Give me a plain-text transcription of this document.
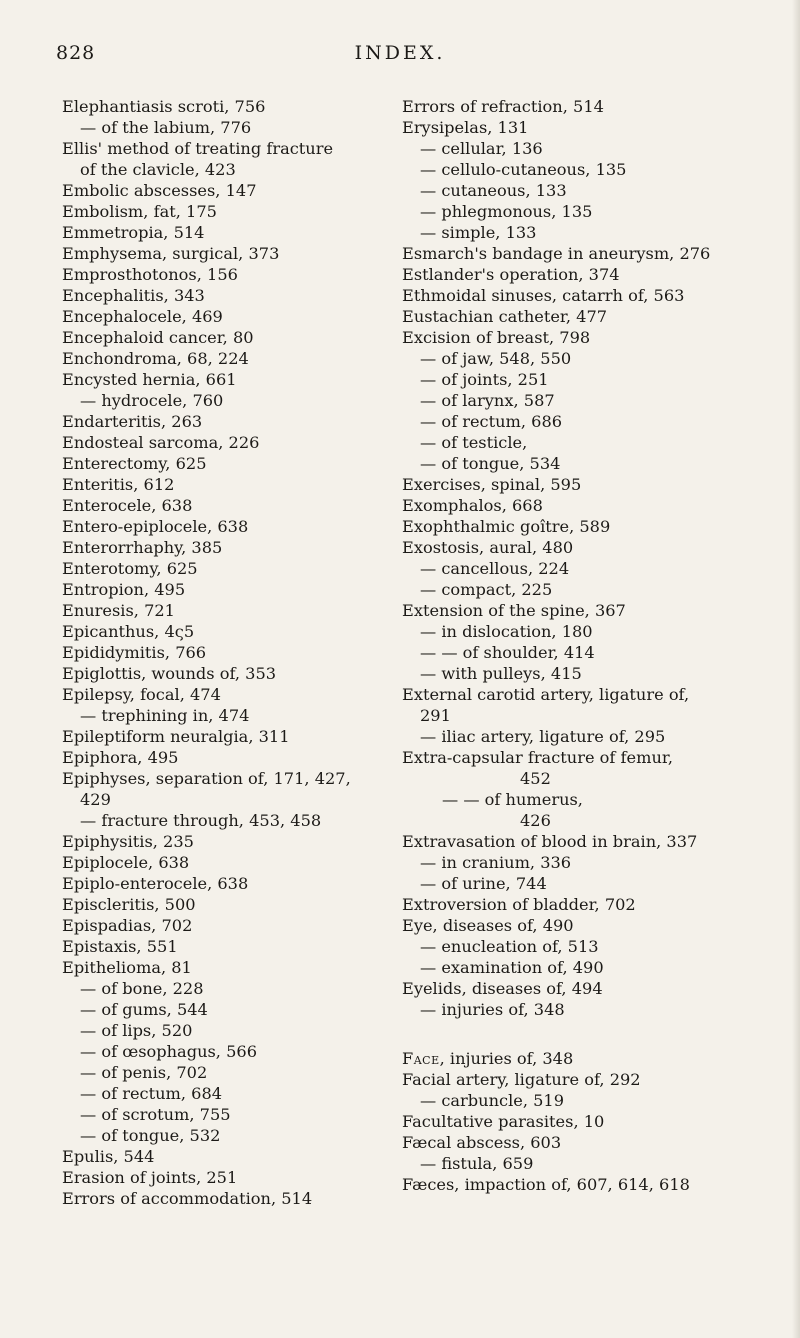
828	INDEX.
Elephantiasis scroti, 756
— of the labium, 776
Ellis' method of treating fracture
of the clavicle, 423
Embolic abscesses, 147
Embolism, fat, 175
Emmetropia, 514
Emphysema, surgical, 373
Emprosthotonos, 156
Encephalitis, 343
Encephalocele, 469
Encephaloid cancer, 80
Enchondroma, 68, 224
Encysted hernia, 661
— hydrocele, 760
Endarteritis, 263
Endosteal sarcoma, 226
Enterectomy, 625
Enteritis, 612
Enterocele, 638
Entero-epiplocele, 638
Enterorrhaphy, 385
Enterotomy, 625
Entropion, 495
Enuresis, 721
Epicanthus, 4ς5
Epididymitis, 766
Epiglottis, wounds of, 353
Epilepsy, focal, 474
— trephining in, 474
Epileptiform neuralgia, 311
Epiphora, 495
Epiphyses, separation of, 171, 427,
429
— fracture through, 453, 458
Epiphysitis, 235
Epiplocele, 638
Epiplo-enterocele, 638
Episcleritis, 500
Epispadias, 702
Epistaxis, 551
Epithelioma, 81
— of bone, 228
— of gums, 544
— of lips, 520
— of œsophagus, 566
— of penis, 702
— of rectum, 684
— of scrotum, 755
— of tongue, 532
Epulis, 544
Erasion of joints, 251
Errors of accommodation, 514
Errors of refraction, 514
Erysipelas, 131
— cellular, 136
— cellulo-cutaneous, 135
— cutaneous, 133
— phlegmonous, 135
— simple, 133
Esmarch's bandage in aneurysm, 276
Estlander's operation, 374
Ethmoidal sinuses, catarrh of, 563
Eustachian catheter, 477
Excision of breast, 798
— of jaw, 548, 550
— of joints, 251
— of larynx, 587
— of rectum, 686
— of testicle,
— of tongue, 534
Exercises, spinal, 595
Exomphalos, 668
Exophthalmic goître, 589
Exostosis, aural, 480
— cancellous, 224
— compact, 225
Extension of the spine, 367
— in dislocation, 180
— — of shoulder, 414
— with pulleys, 415
External carotid artery, ligature of,
291
— iliac artery, ligature of, 295
Extra-capsular fracture of femur,
452
— — of humerus,
426
Extravasation of blood in brain, 337
— in cranium, 336
— of urine, 744
Extroversion of bladder, 702
Eye, diseases of, 490
— enucleation of, 513
— examination of, 490
Eyelids, diseases of, 494
— injuries of, 348
Face, injuries of, 348
Facial artery, ligature of, 292
— carbuncle, 519
Facultative parasites, 10
Fæcal abscess, 603
— fistula, 659
Fæces, impaction of, 607, 614, 618
